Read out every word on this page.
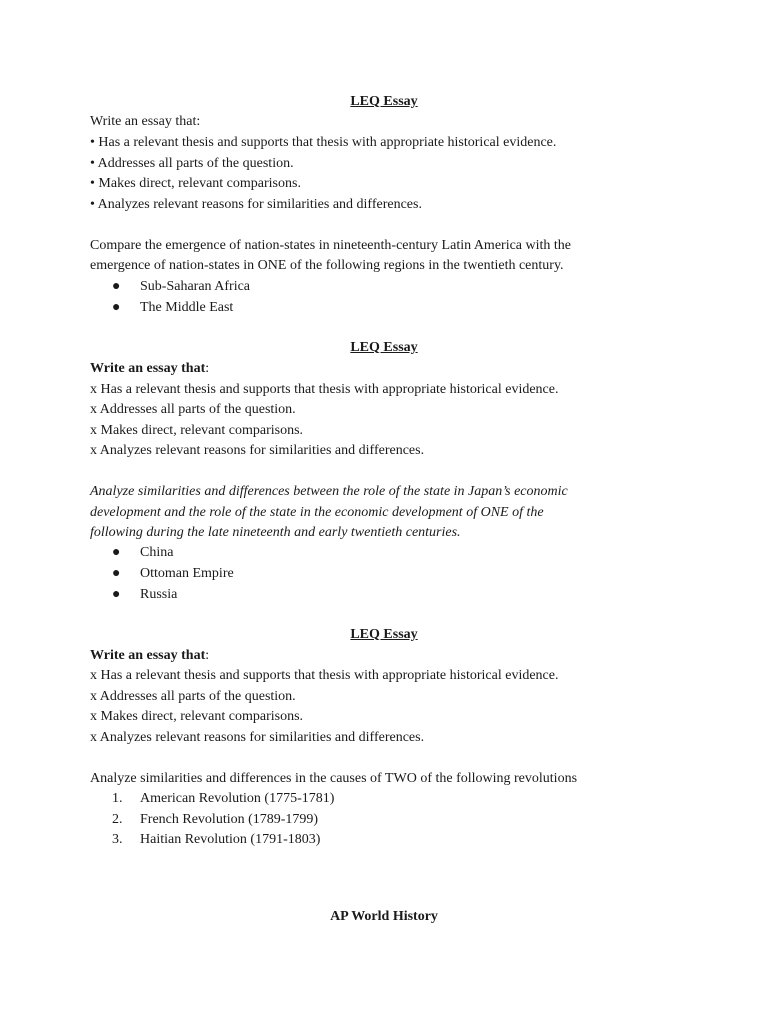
LEQ Essay
Write an essay that:
• Has a relevant thesis and supports that thesis with appropriate historical evidence.
• Addresses all parts of the question.
• Makes direct, relevant comparisons.
• Analyzes relevant reasons for similarities and differences.
Compare the emergence of nation-states in nineteenth-century Latin America with the
emergence of nation-states in ONE of the following regions in the twentieth century.
● Sub-Saharan Africa
● The Middle East
LEQ Essay
Write an essay that:
x Has a relevant thesis and supports that thesis with appropriate historical evidence.
x Addresses all parts of the question.
x Makes direct, relevant comparisons.
x Analyzes relevant reasons for similarities and differences.
Analyze similarities and differences between the role of the state in Japan’s economic
development and the role of the state in the economic development of ONE of the
following during the late nineteenth and early twentieth centuries.
● China
● Ottoman Empire
● Russia
LEQ Essay
Write an essay that:
x Has a relevant thesis and supports that thesis with appropriate historical evidence.
x Addresses all parts of the question.
x Makes direct, relevant comparisons.
x Analyzes relevant reasons for similarities and differences.
Analyze similarities and differences in the causes of TWO of the following revolutions
1. American Revolution (1775-1781)
2. French Revolution (1789-1799)
3. Haitian Revolution (1791-1803)
AP World History
